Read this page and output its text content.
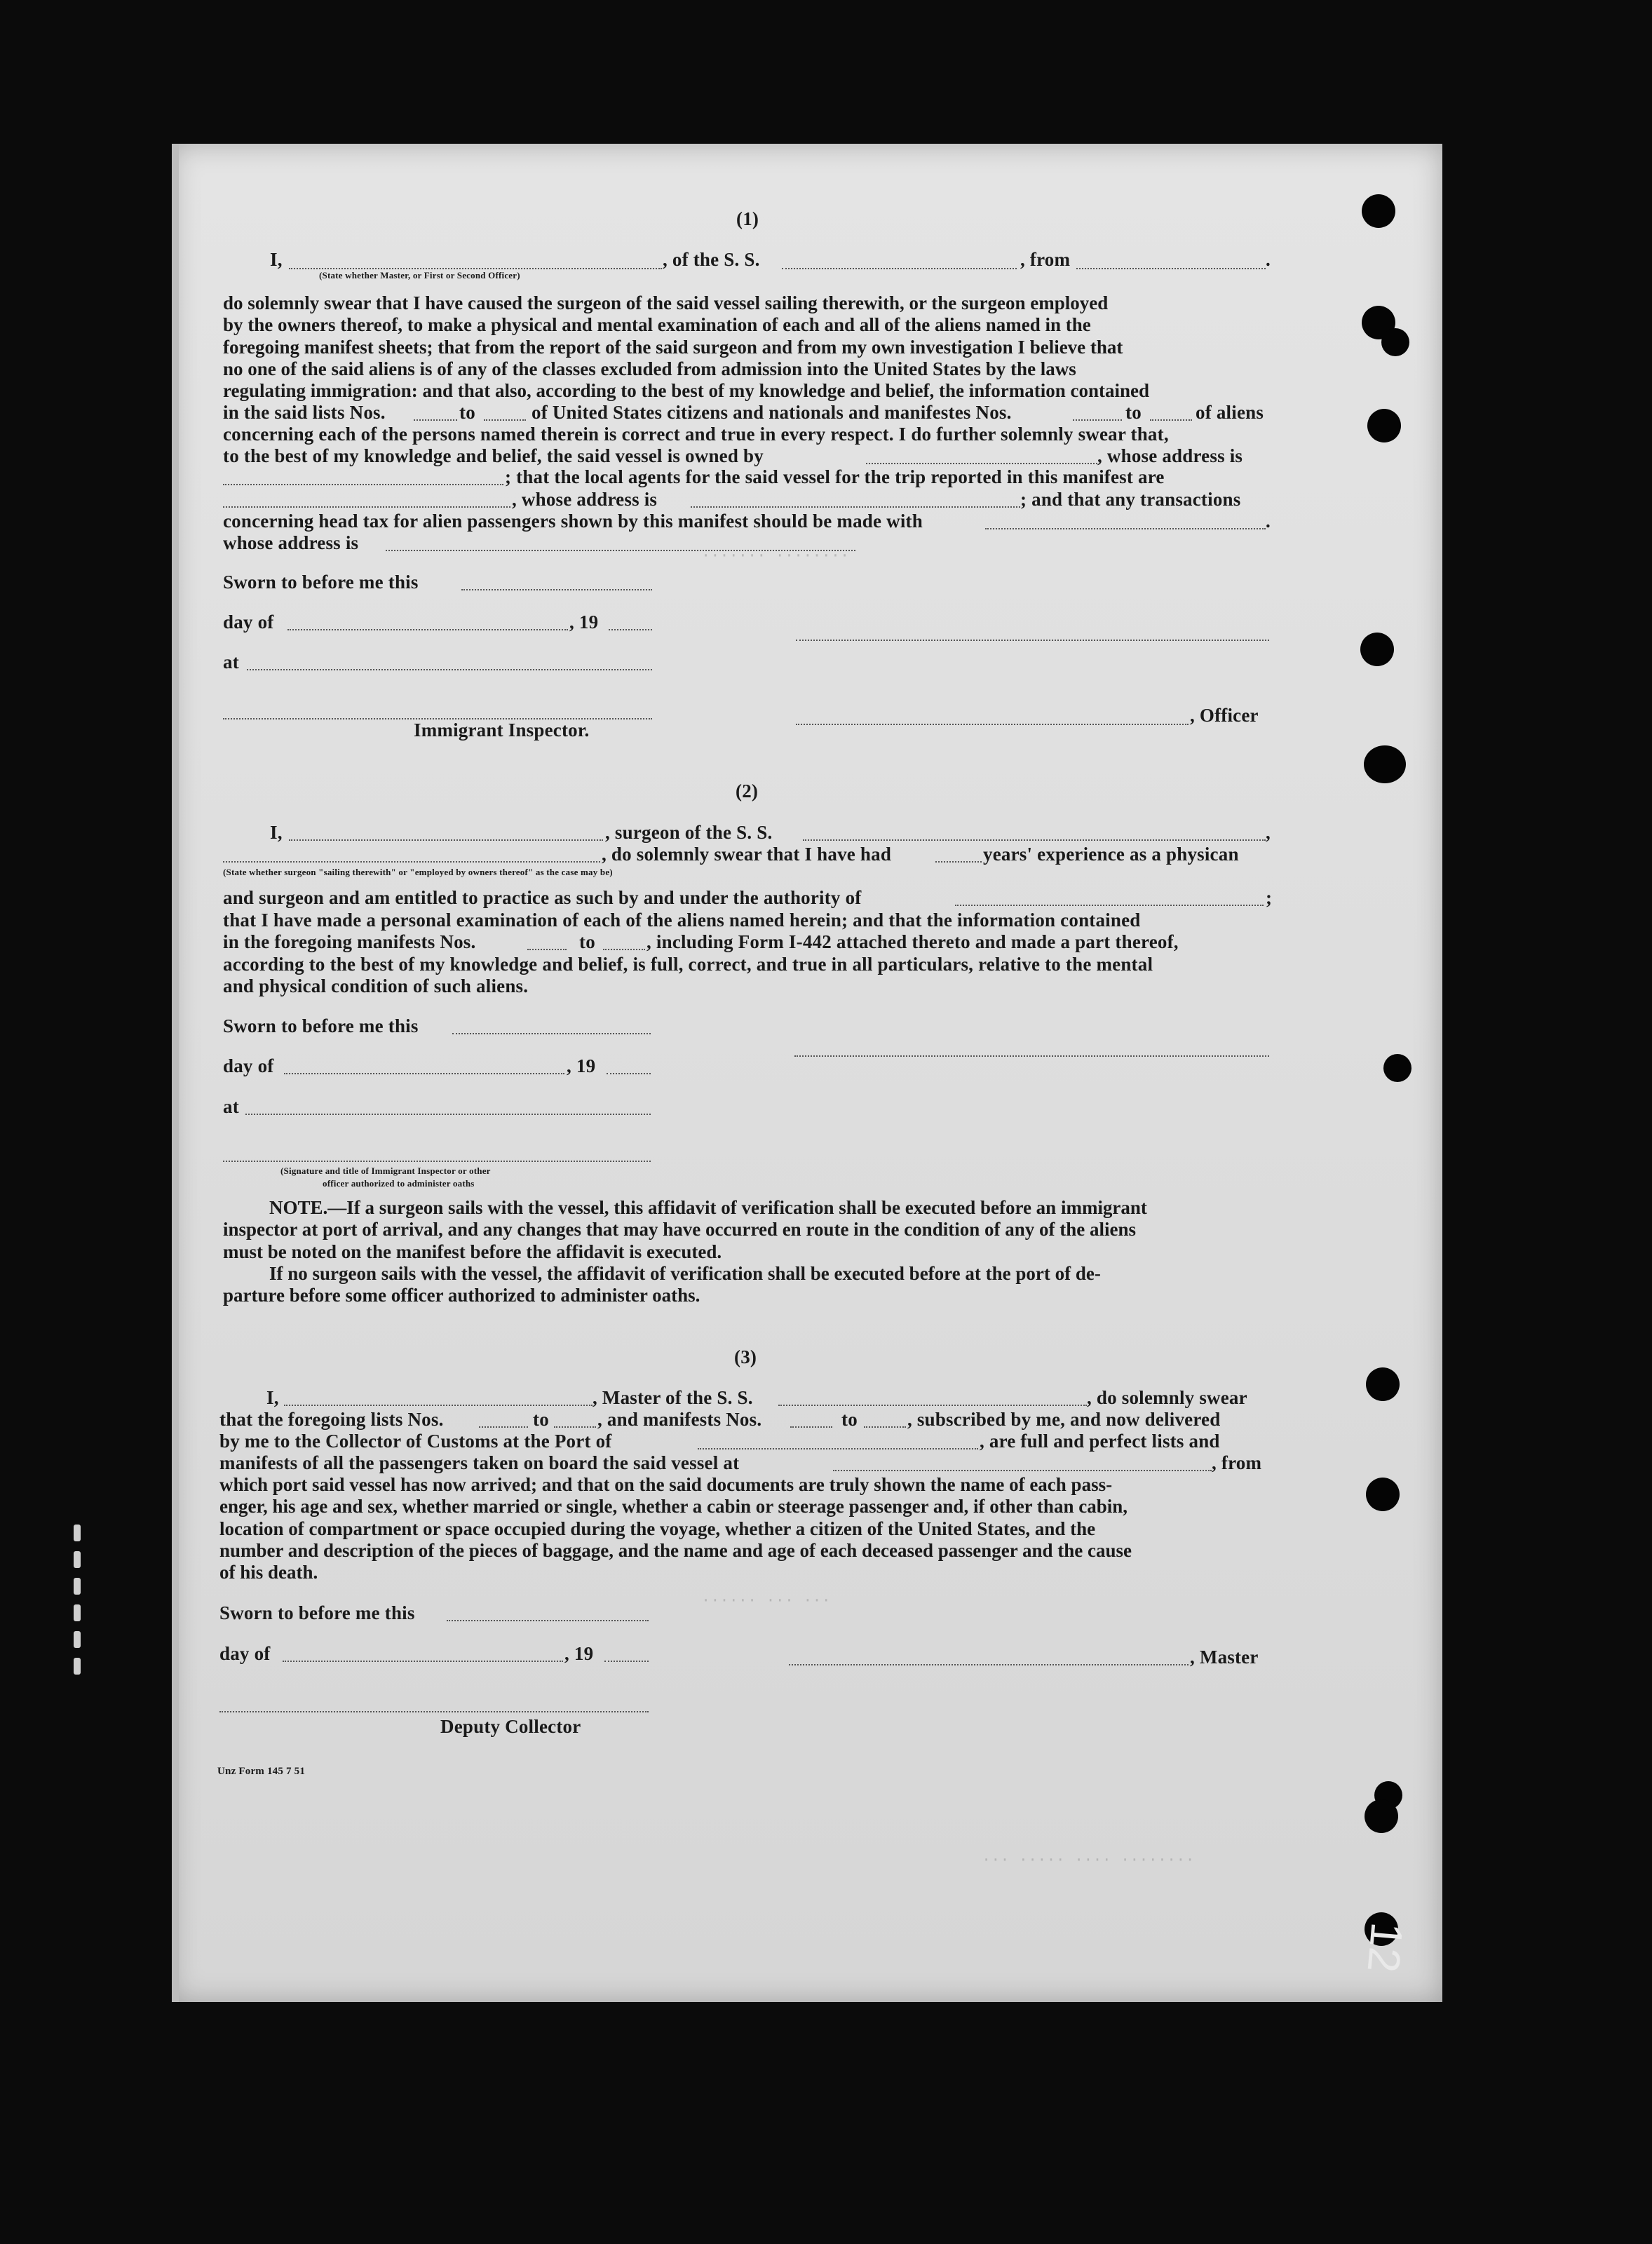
······· ········
······ ··· ···
··· ····· ···· ········
(1)
I,	, of the S. S.	, from	.
(State whether Master, or First or Second Officer)

do solemnly swear that I have caused the surgeon of the said vessel sailing therewith, or the surgeon employed

by the owners thereof, to make a physical and mental examination of each and all of the aliens named in the

foregoing manifest sheets; that from the report of the said surgeon and from my own investigation I believe that

no one of the said aliens is of any of the classes excluded from admission into the United States by the laws

regulating immigration: and that also, according to the best of my knowledge and belief, the information contained

in the said lists Nos.	to	of United States citizens and nationals and manifestes Nos.	to	of aliens
concerning each of the persons named therein is correct and true in every respect. I do further solemnly swear that,
to the best of my knowledge and belief, the said vessel is owned by	, whose address is
; that the local agents for the said vessel for the trip reported in this manifest are
, whose address is	; and that any transactions
concerning head tax for alien passengers shown by this manifest should be made with	.
whose address is
Sworn to before me this
day of	, 19
at
, Officer
Immigrant Inspector.
(2)
I,	, surgeon of the S. S.	,
, do solemnly swear that I have had	years' experience as a physican
(State whether surgeon "sailing therewith" or "employed by owners thereof" as the case may be)
and surgeon and am entitled to practice as such by and under the authority of	;
that I have made a personal examination of each of the aliens named herein; and that the information contained
in the foregoing manifests Nos.	to	, including Form I-442 attached thereto and made a part thereof,
according to the best of my knowledge and belief, is full, correct, and true in all particulars, relative to the mental
and physical condition of such aliens.
Sworn to before me this
day of	, 19
at
(Signature and title of Immigrant Inspector or other
officer authorized to administer oaths

NOTE.—If a surgeon sails with the vessel, this affidavit of verification shall be executed before an immigrant

inspector at port of arrival, and any changes that may have occurred en route in the condition of any of the aliens

must be noted on the manifest before the affidavit is executed.

If no surgeon sails with the vessel, the affidavit of verification shall be executed before at the port of de-

parture before some officer authorized to administer oaths.

(3)
I,	, Master of the S. S.	, do solemnly swear
that the foregoing lists Nos.	to	, and manifests Nos.	to	, subscribed by me, and now delivered
by me to the Collector of Customs at the Port of	, are full and perfect lists and
manifests of all the passengers taken on board the said vessel at	, from

which port said vessel has now arrived; and that on the said documents are truly shown the name of each pass-

enger, his age and sex, whether married or single, whether a cabin or steerage passenger and, if other than cabin,

location of compartment or space occupied during the voyage, whether a citizen of the United States, and the

number and description of the pieces of baggage, and the name and age of each deceased passenger and the cause

of his death.

Sworn to before me this
day of	, 19	, Master
Deputy Collector
Unz Form 145 7 51
12
